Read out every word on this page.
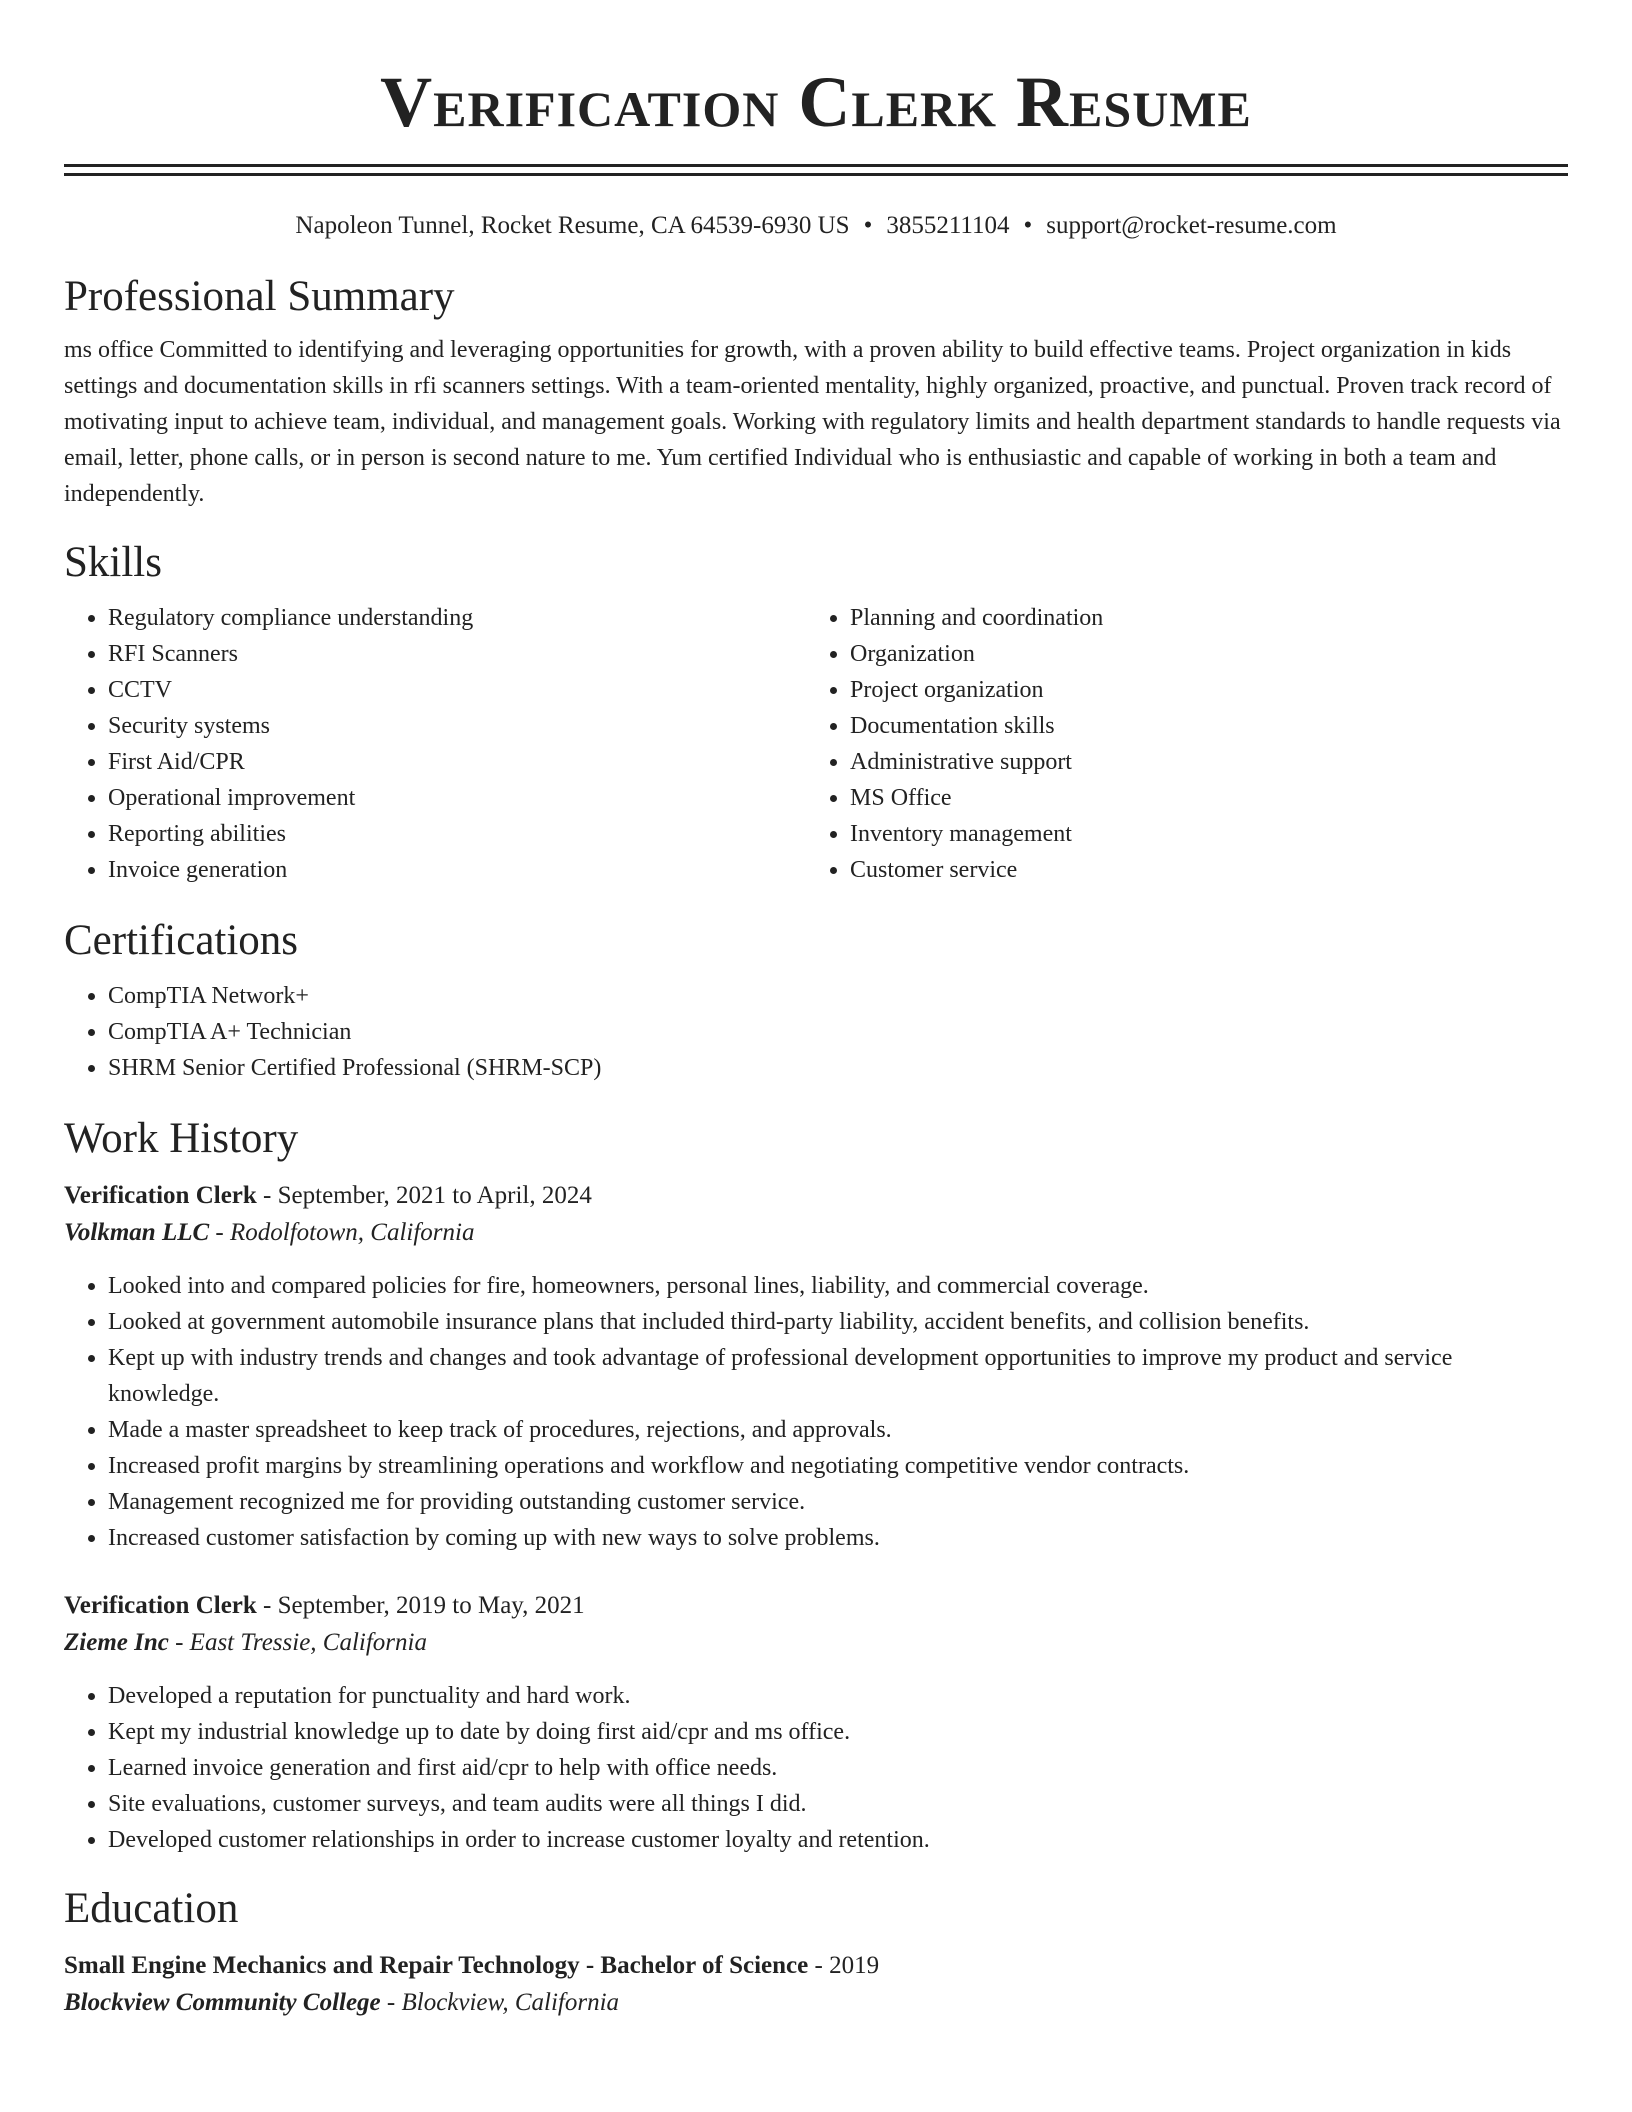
Verification Clerk Resume
Napoleon Tunnel, Rocket Resume, CA 64539-6930 US • 3855211104 • support@rocket-resume.com
Professional Summary

ms office Committed to identifying and leveraging opportunities for growth, with a proven ability to build effective teams. Project organization in kids settings and documentation skills in rfi scanners settings. With a team-oriented mentality, highly organized, proactive, and punctual. Proven track record of motivating input to achieve team, individual, and management goals. Working with regulatory limits and health department standards to handle requests via email, letter, phone calls, or in person is second nature to me. Yum certified Individual who is enthusiastic and capable of working in both a team and independently.

Skills
• Regulatory compliance understanding
• RFI Scanners
• CCTV
• Security systems
• First Aid/CPR
• Operational improvement
• Reporting abilities
• Invoice generation
• Planning and coordination
• Organization
• Project organization
• Documentation skills
• Administrative support
• MS Office
• Inventory management
• Customer service
Certifications
• CompTIA Network+
• CompTIA A+ Technician
• SHRM Senior Certified Professional (SHRM-SCP)
Work History
Verification Clerk - September, 2021 to April, 2024
Volkman LLC - Rodolfotown, California
• Looked into and compared policies for fire, homeowners, personal lines, liability, and commercial coverage.
• Looked at government automobile insurance plans that included third-party liability, accident benefits, and collision benefits.
• Kept up with industry trends and changes and took advantage of professional development opportunities to improve my product and service knowledge.
• Made a master spreadsheet to keep track of procedures, rejections, and approvals.
• Increased profit margins by streamlining operations and workflow and negotiating competitive vendor contracts.
• Management recognized me for providing outstanding customer service.
• Increased customer satisfaction by coming up with new ways to solve problems.
Verification Clerk - September, 2019 to May, 2021
Zieme Inc - East Tressie, California
• Developed a reputation for punctuality and hard work.
• Kept my industrial knowledge up to date by doing first aid/cpr and ms office.
• Learned invoice generation and first aid/cpr to help with office needs.
• Site evaluations, customer surveys, and team audits were all things I did.
• Developed customer relationships in order to increase customer loyalty and retention.
Education
Small Engine Mechanics and Repair Technology - Bachelor of Science - 2019
Blockview Community College - Blockview, California
